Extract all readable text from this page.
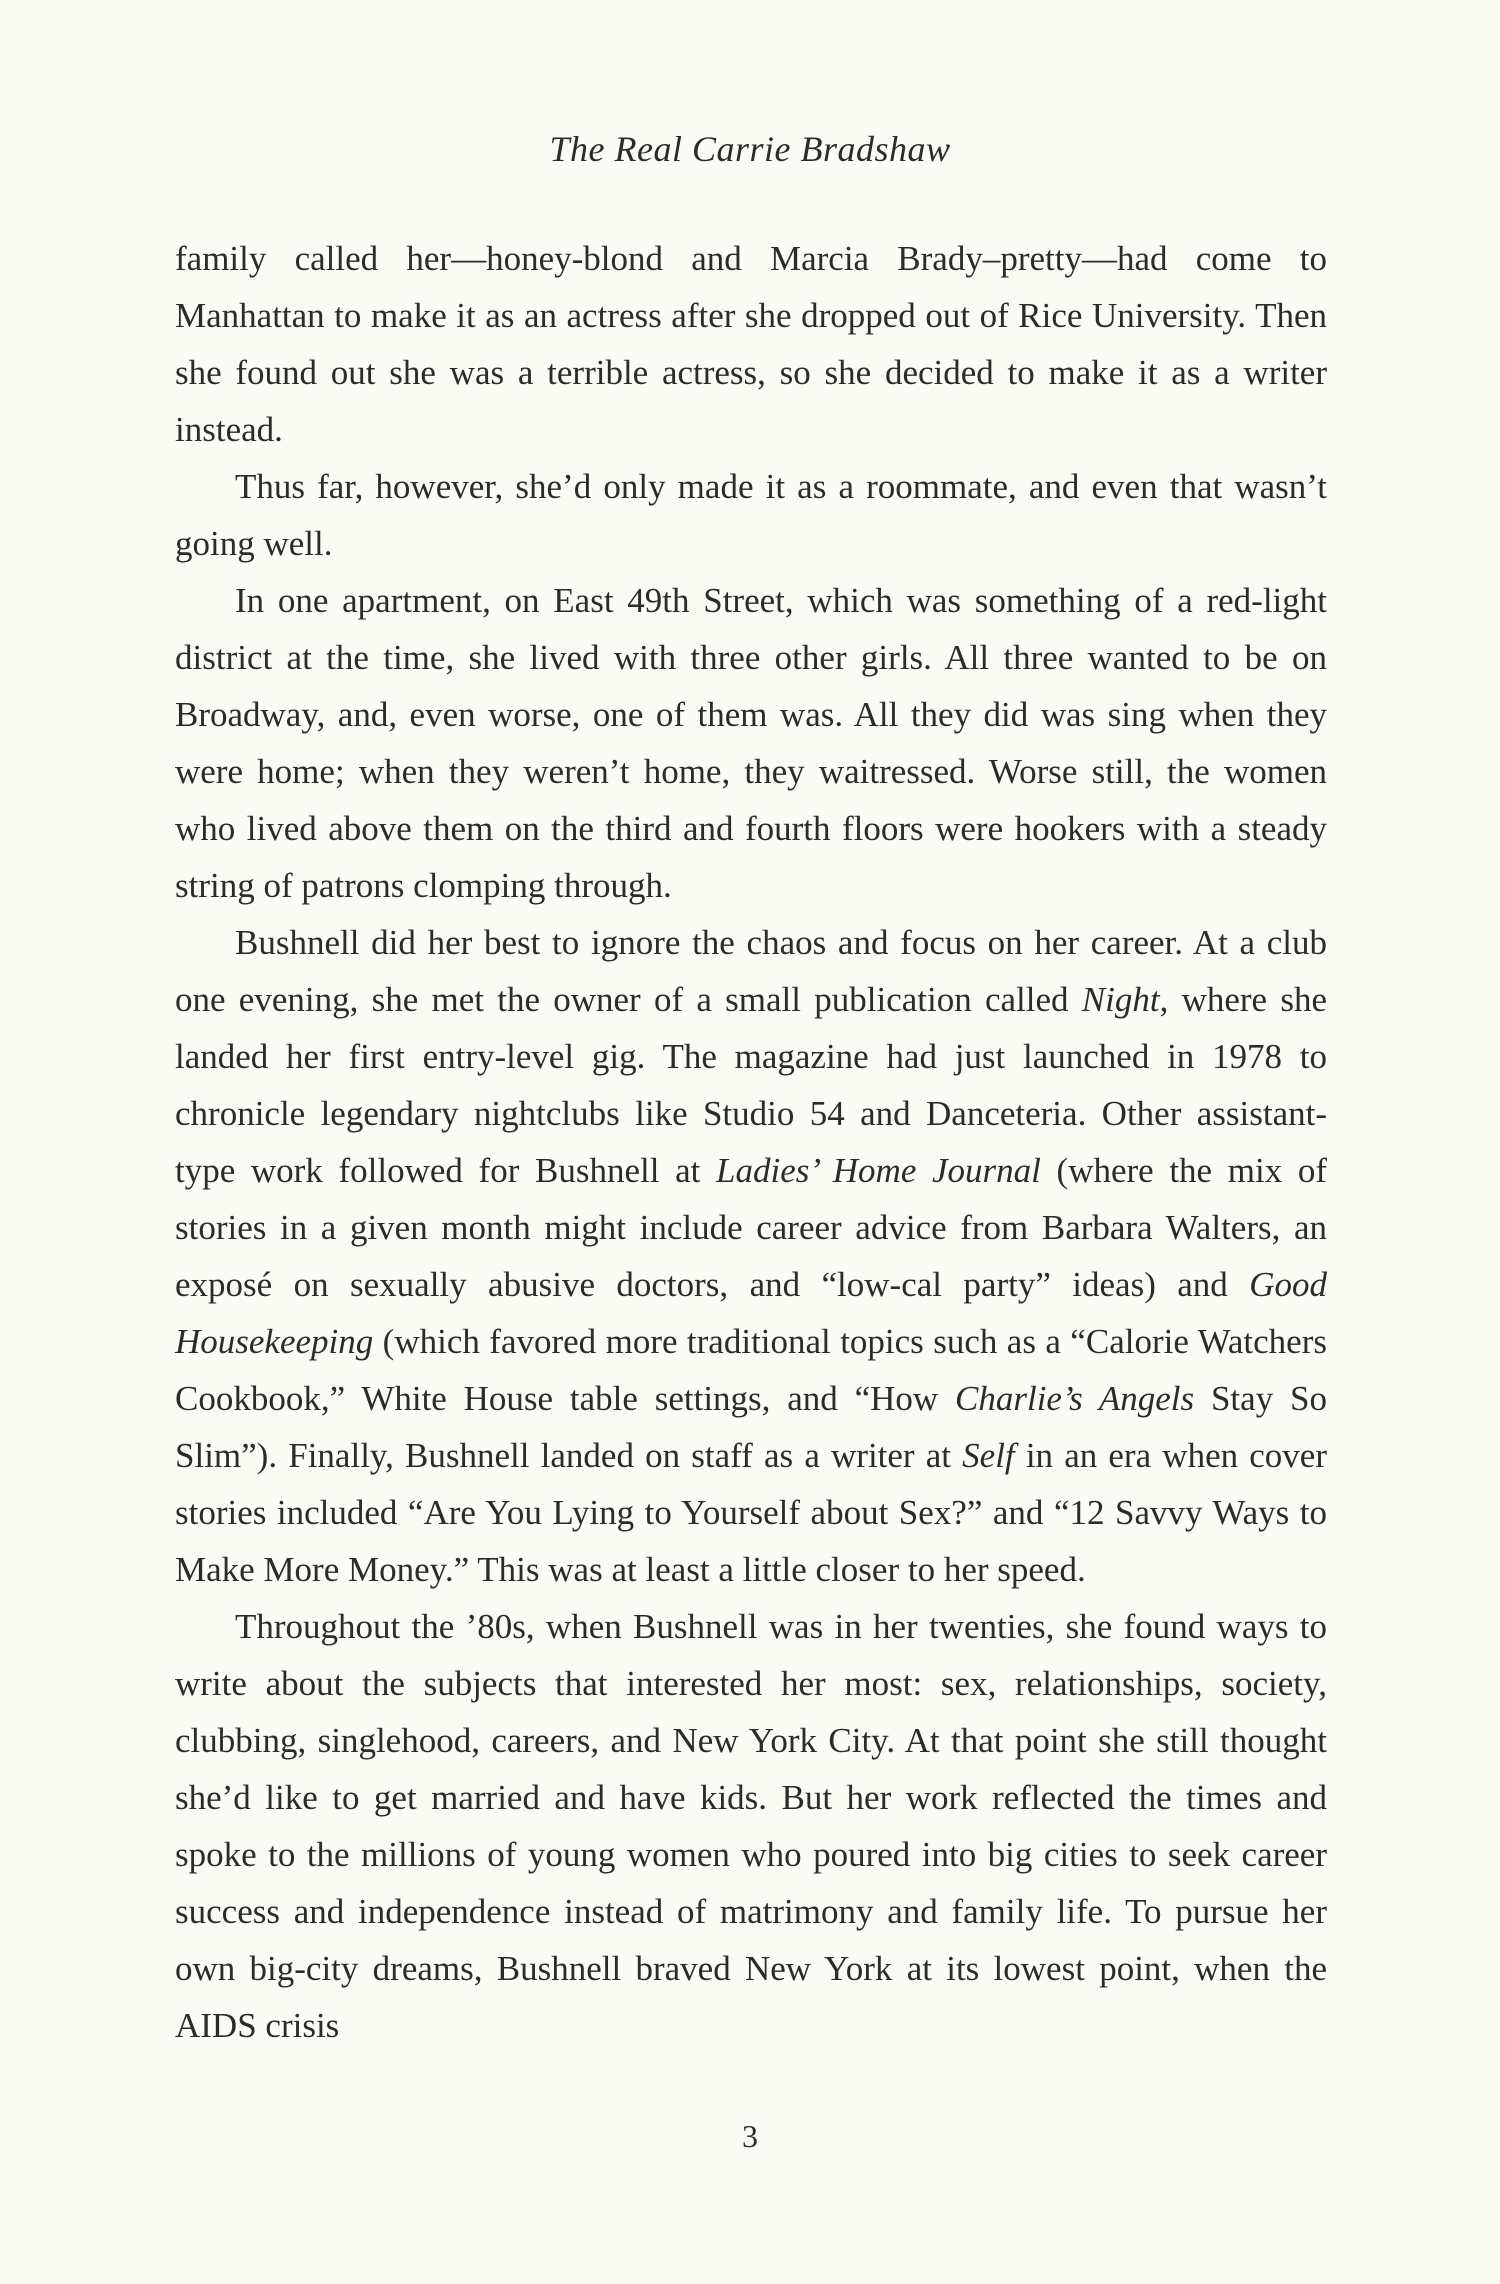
The Real Carrie Bradshaw

family called her—honey-blond and Marcia Brady–pretty—had come to Manhattan to make it as an actress after she dropped out of Rice University. Then she found out she was a terrible actress, so she decided to make it as a writer instead.

Thus far, however, she’d only made it as a roommate, and even that wasn’t going well.

In one apartment, on East 49th Street, which was something of a red-light district at the time, she lived with three other girls. All three wanted to be on Broadway, and, even worse, one of them was. All they did was sing when they were home; when they weren’t home, they waitressed. Worse still, the women who lived above them on the third and fourth floors were hookers with a steady string of patrons clomping through.

Bushnell did her best to ignore the chaos and focus on her career. At a club one evening, she met the owner of a small publication called Night, where she landed her first entry-level gig. The magazine had just launched in 1978 to chronicle legendary nightclubs like Studio 54 and Danceteria. Other assistant-type work followed for Bushnell at Ladies’ Home Journal (where the mix of stories in a given month might include career advice from Barbara Walters, an exposé on sexually abusive doctors, and “low-cal party” ideas) and Good Housekeeping (which favored more traditional topics such as a “Calorie Watchers Cookbook,” White House table settings, and “How Charlie’s Angels Stay So Slim”). Finally, Bushnell landed on staff as a writer at Self in an era when cover stories included “Are You Lying to Yourself about Sex?” and “12 Savvy Ways to Make More Money.” This was at least a little closer to her speed.

Throughout the ’80s, when Bushnell was in her twenties, she found ways to write about the subjects that interested her most: sex, relationships, society, clubbing, singlehood, careers, and New York City. At that point she still thought she’d like to get married and have kids. But her work reflected the times and spoke to the millions of young women who poured into big cities to seek career success and independence instead of matrimony and family life. To pursue her own big-city dreams, Bushnell braved New York at its lowest point, when the AIDS crisis

3
